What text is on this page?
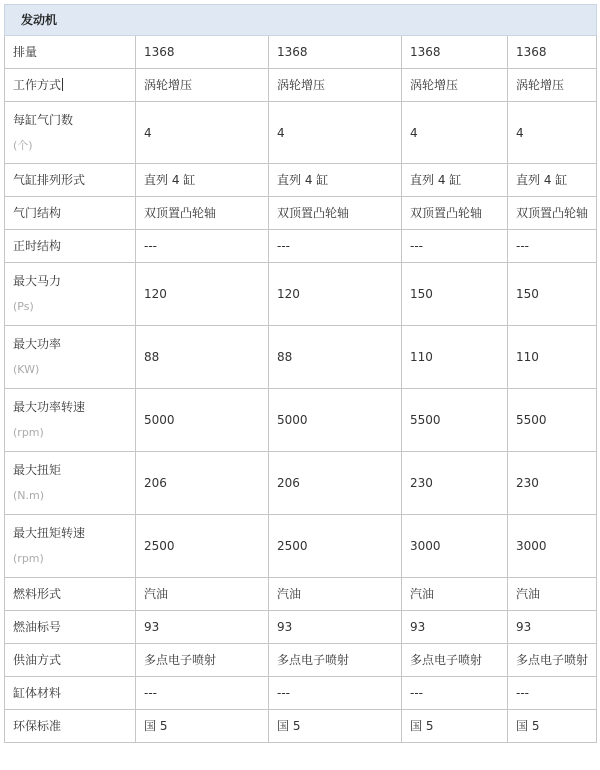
发动机				
排量	1368	1368	1368	1368
工作方式	涡轮增压	涡轮增压	涡轮增压	涡轮增压
每缸气门数
(个)	4	4	4	4
气缸排列形式	直列 4 缸	直列 4 缸	直列 4 缸	直列 4 缸
气门结构	双顶置凸轮轴	双顶置凸轮轴	双顶置凸轮轴	双顶置凸轮轴
正时结构	---	---	---	---
最大马力
(Ps)	120	120	150	150
最大功率
(KW)	88	88	110	110
最大功率转速
(rpm)	5000	5000	5500	5500
最大扭矩
(N.m)	206	206	230	230
最大扭矩转速
(rpm)	2500	2500	3000	3000
燃料形式	汽油	汽油	汽油	汽油
燃油标号	93	93	93	93
供油方式	多点电子喷射	多点电子喷射	多点电子喷射	多点电子喷射
缸体材料	---	---	---	---
环保标准	国 5	国 5	国 5	国 5
